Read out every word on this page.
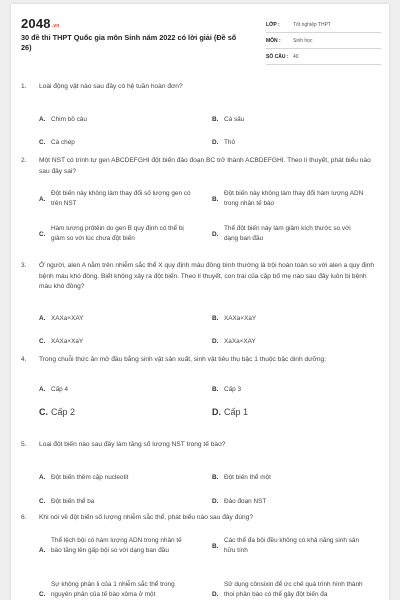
$2048^{.vn}$
30 đề thi THPT Quốc gia môn Sinh năm 2022 có lời giải (Đề số 26)
LỚP :	Tốt nghiệp THPT
MÔN :	Sinh học
SỐ CÂU : 40
1. Loài động vật nào sau đây có hệ tuần hoàn đơn?
A. Chim bồ câu	B. Cá sấu
C. Cá chép	D. Thỏ
2. Một NST có trình tự gen ABCDEFGHI đột biến đảo đoạn BC trở thành ACBDEFGHI. Theo lí thuyết, phát biểu nào sau đây sai?
A.
Đột biến này không làm thay đổi số lượng gen có trên NST
B.
Đột biến này không làm thay đổi hàm lượng ADN trong nhân tế bào
C.
Hàm lượng prôtêin do gen B quy định có thể bị giảm so với lúc chưa đột biến
D.
Thể đột biến này làm giảm kích thước so với dạng ban đầu
3. Ở người, alen A nằm trên nhiễm sắc thể X quy định máu đông bình thường là trội hoàn toàn so với alen a quy định bệnh máu khó đông. Biết không xảy ra đột biến. Theo lí thuyết, con trai của cặp bố mẹ nào sau đây luôn bị bệnh máu khó đông?
A. XAXa×XAY	B. XAXa×XaY
C. XAXa×XaY	D. XaXa×XAY
4. Trong chuỗi thức ăn mở đầu bằng sinh vật sản xuất, sinh vật tiêu thụ bậc 1 thuộc bậc dinh dưỡng:
A. Cấp 4	B. Cấp 3
C. Cấp 2	D. Cấp 1
5. Loại đột biến nào sau đây làm tăng số lượng NST trong tế bào?
A. Đột biến thêm cặp nucleotit	B. Đột biến thể một
C. Đột biến thể ba	D. Đảo đoạn NST
6. Khi nói về đột biến số lượng nhiễm sắc thể, phát biểu nào sau đây đúng?
A.
Thể lệch bội có hàm lượng ADN trong nhân tế bào tăng lên gấp bội so với dạng ban đầu
B.
Các thể đa bội đều không có khả năng sinh sản hữu tính
C.
Sự không phân li của 1 nhiễm sắc thể trong nguyên phân của tế bào xôma ở một	D.
Sử dụng cônsixin để ức chế quá trình hình thành thoi phân bào có thể gây đột biến đa
